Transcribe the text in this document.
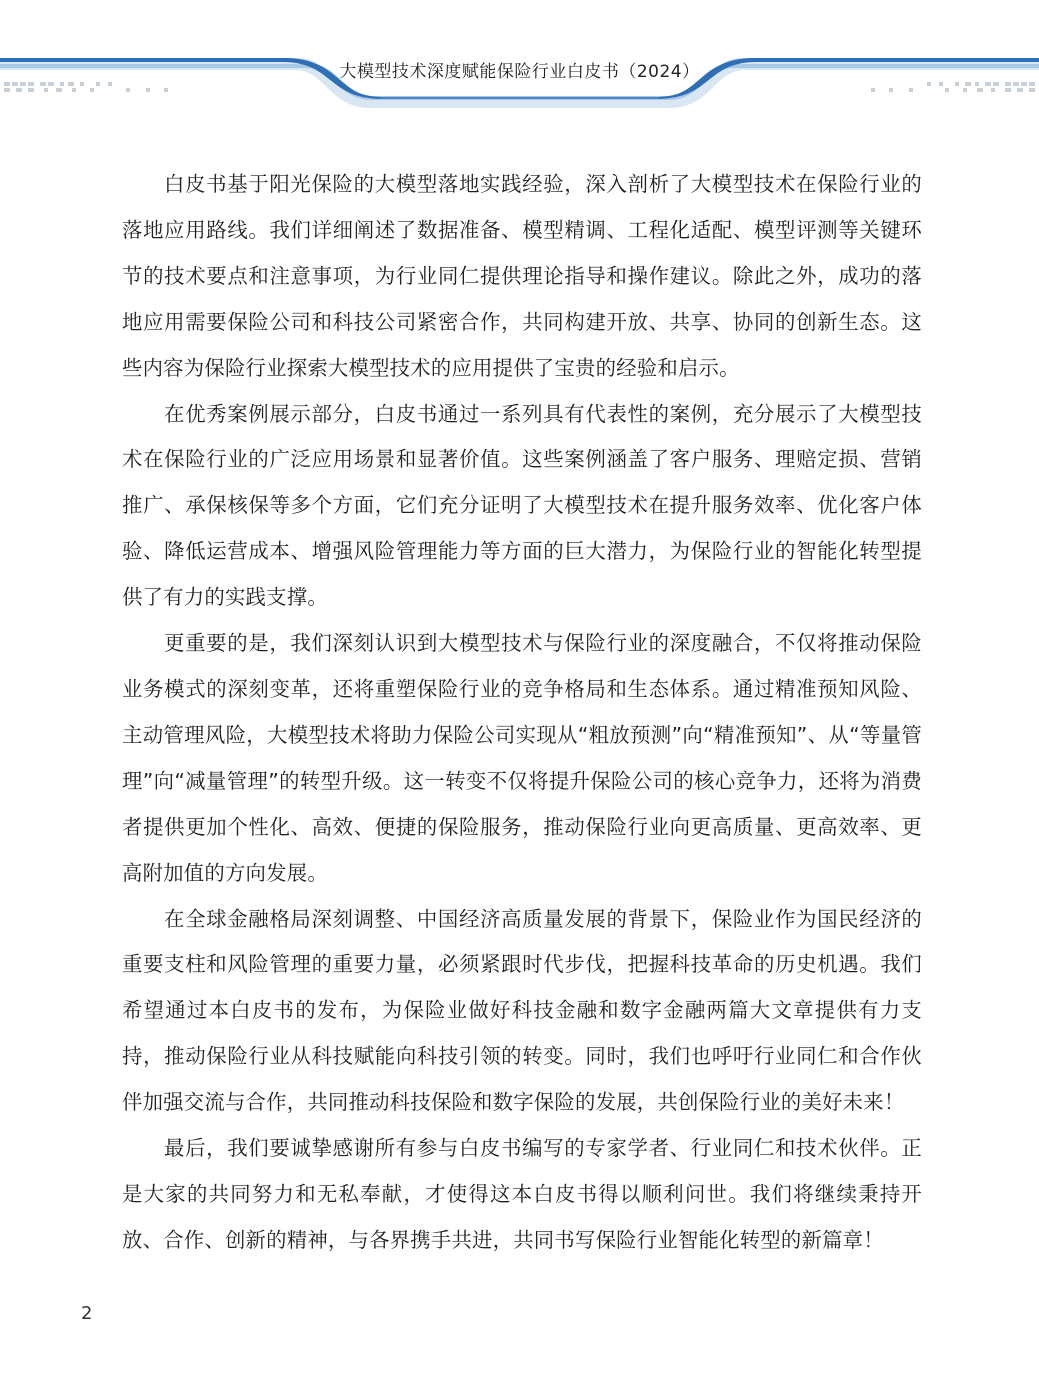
大模型技术深度赋能保险行业白皮书（2024）

白皮书基于阳光保险的大模型落地实践经验，深入剖析了大模型技术在保险行业的落地应用路线。我们详细阐述了数据准备、模型精调、工程化适配、模型评测等关键环节的技术要点和注意事项，为行业同仁提供理论指导和操作建议。除此之外，成功的落地应用需要保险公司和科技公司紧密合作，共同构建开放、共享、协同的创新生态。这些内容为保险行业探索大模型技术的应用提供了宝贵的经验和启示。

在优秀案例展示部分，白皮书通过一系列具有代表性的案例，充分展示了大模型技术在保险行业的广泛应用场景和显著价值。这些案例涵盖了客户服务、理赔定损、营销推广、承保核保等多个方面，它们充分证明了大模型技术在提升服务效率、优化客户体验、降低运营成本、增强风险管理能力等方面的巨大潜力，为保险行业的智能化转型提供了有力的实践支撑。

更重要的是，我们深刻认识到大模型技术与保险行业的深度融合，不仅将推动保险业务模式的深刻变革，还将重塑保险行业的竞争格局和生态体系。通过精准预知风险、主动管理风险，大模型技术将助力保险公司实现从“粗放预测”向“精准预知”、从“等量管理”向“减量管理”的转型升级。这一转变不仅将提升保险公司的核心竞争力，还将为消费者提供更加个性化、高效、便捷的保险服务，推动保险行业向更高质量、更高效率、更高附加值的方向发展。

在全球金融格局深刻调整、中国经济高质量发展的背景下，保险业作为国民经济的重要支柱和风险管理的重要力量，必须紧跟时代步伐，把握科技革命的历史机遇。我们希望通过本白皮书的发布，为保险业做好科技金融和数字金融两篇大文章提供有力支持，推动保险行业从科技赋能向科技引领的转变。同时，我们也呼吁行业同仁和合作伙伴加强交流与合作，共同推动科技保险和数字保险的发展，共创保险行业的美好未来！

最后，我们要诚挚感谢所有参与白皮书编写的专家学者、行业同仁和技术伙伴。正是大家的共同努力和无私奉献，才使得这本白皮书得以顺利问世。我们将继续秉持开放、合作、创新的精神，与各界携手共进，共同书写保险行业智能化转型的新篇章！

2
